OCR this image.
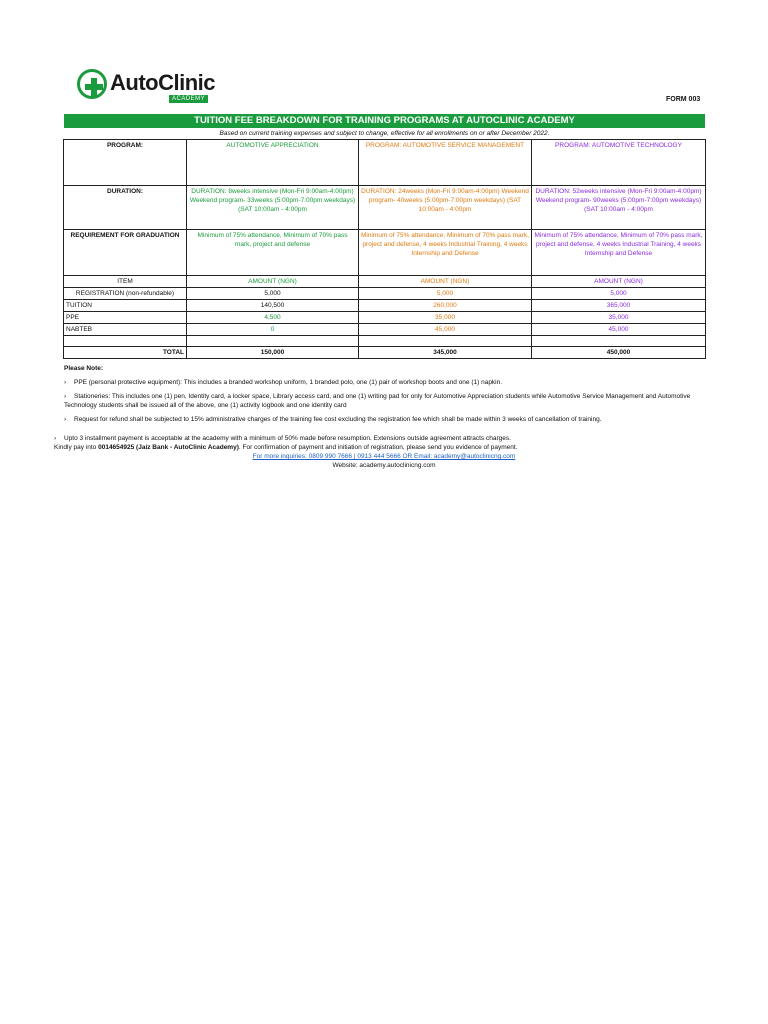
AutoClinic
ACADEMY	FORM 003
TUITION FEE BREAKDOWN FOR TRAINING PROGRAMS AT AUTOCLINIC ACADEMY
Based on current training expenses and subject to change, effective for all enrollments on or after December 2022.
PROGRAM:	AUTOMOTIVE APPRECIATION	PROGRAM: AUTOMOTIVE SERVICE MANAGEMENT	PROGRAM: AUTOMOTIVE TECHNOLOGY
DURATION:	DURATION: 8weeks intensive (Mon-Fri 9:00am-4:00pm) Weekend program- 33weeks (5:00pm-7:00pm weekdays) (SAT 10:00am - 4:00pm	DURATION: 24weeks (Mon-Fri 9:00am-4:00pm) Weekend program- 40weeks (5:00pm-7:00pm weekdays) (SAT 10:00am - 4:00pm	DURATION: 52weeks intensive (Mon-Fri 9:00am-4:00pm) Weekend program- 90weeks (5:00pm-7:00pm weekdays) (SAT 10:00am - 4:00pm
REQUIREMENT FOR GRADUATION	Minimum of 75% attendance, Minimum of 70% pass mark, project and defense	Minimum of 75% attendance, Minimum of 70% pass mark, project and defense, 4 weeks Industrial Training, 4 weeks Internship and Defense	Minimum of 75% attendance, Minimum of 70% pass mark, project and defense, 4 weeks Industrial Training, 4 weeks Internship and Defense
ITEM	AMOUNT (NGN)	AMOUNT (NGN)	AMOUNT (NGN)
REGISTRATION (non-refundable)	5,000	5,000	5,000
TUITION	140,500	260,000	365,000
PPE	4,500	35,000	35,000
NABTEB	0	45,000	45,000

TOTAL	150,000	345,000	450,000
Please Note:
› PPE (personal protective equipment): This includes a branded workshop uniform, 1 branded polo, one (1) pair of workshop boots and one (1) napkin.
› Stationeries: This includes one (1) pen, Identity card, a locker space, Library access card, and one (1) writing pad for only for Automotive Appreciation students while Automotive Service Management and Automotive Technology students shall be issued all of the above, one (1) activity logbook and one identity card
› Request for refund shall be subjected to 15% administrative charges of the training fee cost excluding the registration fee which shall be made within 3 weeks of cancellation of training.
› Upto 3 installment payment is acceptable at the academy with a minimum of 50% made before resumption. Extensions outside agreement attracts charges.
Kindly pay into 0014654925 (Jaiz Bank - AutoClinic Academy). For confirmation of payment and initiation of registration, please send you evidence of payment.
For more inquiries: 0809 990 7666 | 0913 444 5666 OR Email: academy@autoclinicng.com
Website: academy.autoclinicng.com
